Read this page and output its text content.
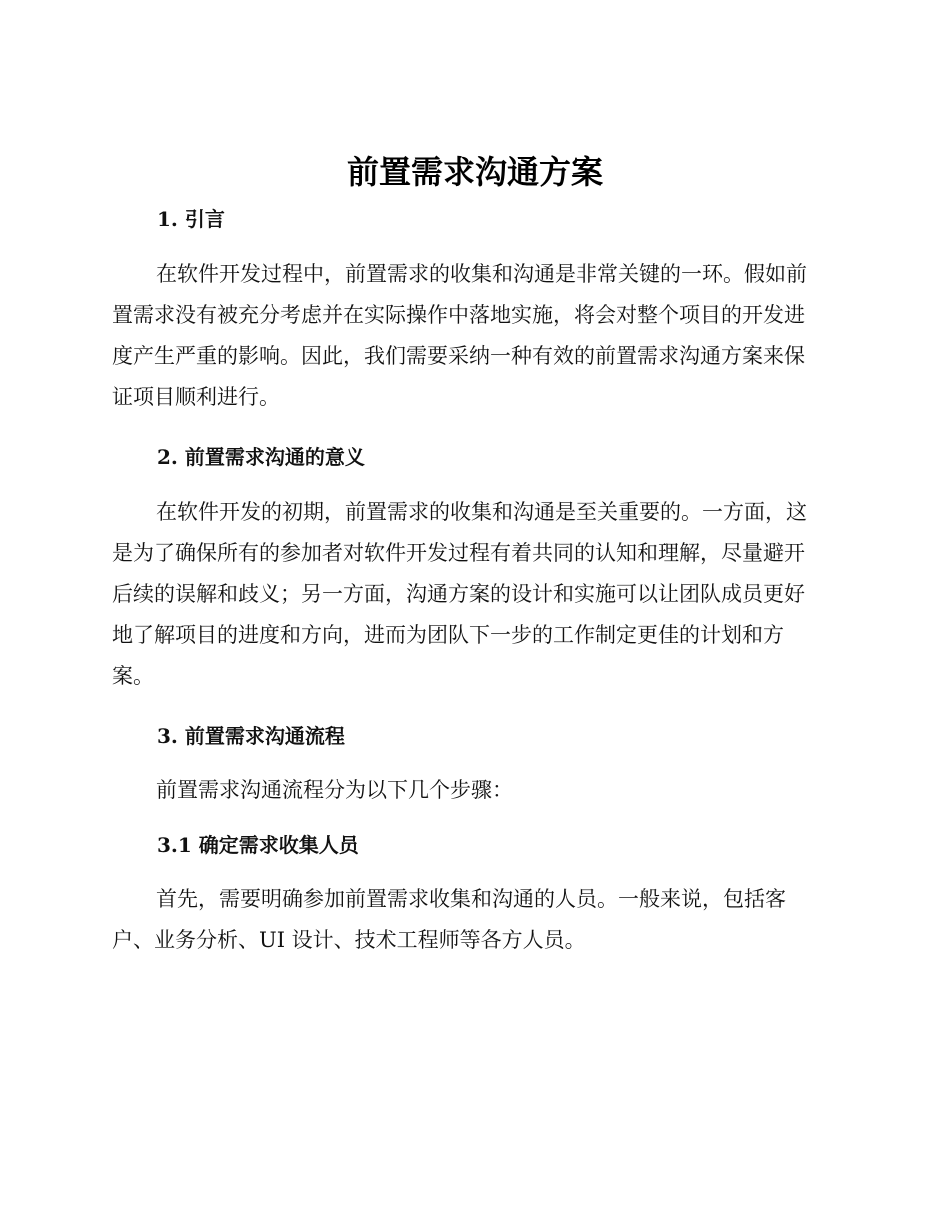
前置需求沟通方案
1. 引言
在软件开发过程中，前置需求的收集和沟通是非常关键的一环。假如前
置需求没有被充分考虑并在实际操作中落地实施，将会对整个项目的开发进
度产生严重的影响。因此，我们需要采纳一种有效的前置需求沟通方案来保
证项目顺利进行。
2. 前置需求沟通的意义
在软件开发的初期，前置需求的收集和沟通是至关重要的。一方面，这
是为了确保所有的参加者对软件开发过程有着共同的认知和理解，尽量避开
后续的误解和歧义；另一方面，沟通方案的设计和实施可以让团队成员更好
地了解项目的进度和方向，进而为团队下一步的工作制定更佳的计划和方
案。
3. 前置需求沟通流程
前置需求沟通流程分为以下几个步骤：
3.1 确定需求收集人员
首先，需要明确参加前置需求收集和沟通的人员。一般来说，包括客
户、业务分析、UI 设计、技术工程师等各方人员。
